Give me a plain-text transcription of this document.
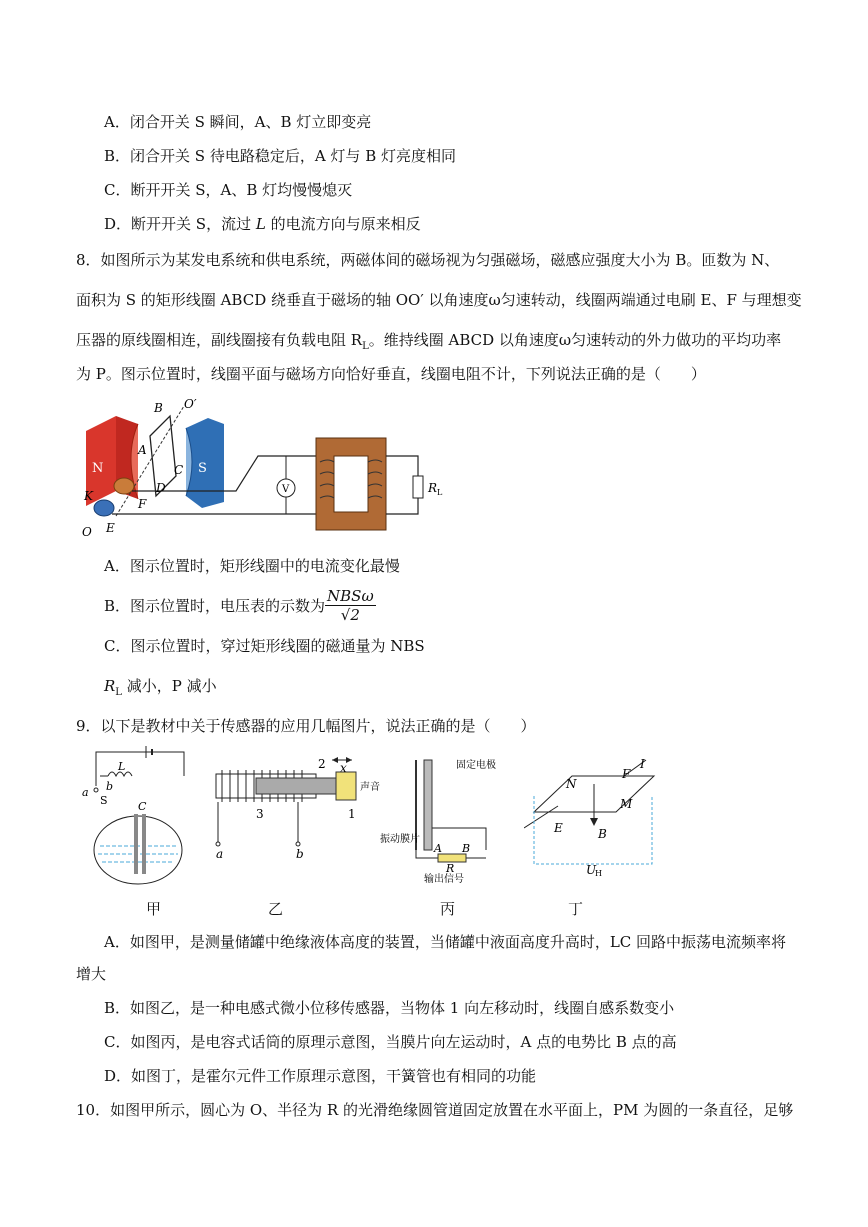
A．闭合开关 S 瞬间，A、B 灯立即变亮
B．闭合开关 S 待电路稳定后，A 灯与 B 灯亮度相同
C．断开开关 S，A、B 灯均慢慢熄灭
D．断开开关 S，流过 L 的电流方向与原来相反
8．如图所示为某发电系统和供电系统，两磁体间的磁场视为匀强磁场，磁感应强度大小为 B。匝数为 N、
面积为 S 的矩形线圈 ABCD 绕垂直于磁场的轴 OO′ 以角速度ω匀速转动，线圈两端通过电刷 E、F 与理想变
压器的原线圈相连，副线圈接有负载电阻 $R_L$。维持线圈 ABCD 以角速度ω匀速转动的外力做功的平均功率
为 P。图示位置时，线圈平面与磁场方向恰好垂直，线圈电阻不计，下列说法正确的是（　　）
N	S
A
B
C
D
O′
F
K
E
O
V	R L
A．图示位置时，矩形线圈中的电流变化最慢
B．图示位置时，电压表的示数为 $\frac{\text{NBSω}}{√2}$
C．图示位置时，穿过矩形线圈的磁通量为 NBS
$R_L$ 减小，P 减小
9．以下是教材中关于传感器的应用几幅图片，说法正确的是（　　）
a b
L
S	C
2 x
声音
1
3
a	b
固定电极
振动膜片
A B
R
输出信号
N
F
I
M
E	B
U
H
甲	乙	丙	丁
A．如图甲，是测量储罐中绝缘液体高度的装置，当储罐中液面高度升高时，LC 回路中振荡电流频率将
增大
B．如图乙，是一种电感式微小位移传感器，当物体 1 向左移动时，线圈自感系数变小
C．如图丙，是电容式话筒的原理示意图，当膜片向左运动时，A 点的电势比 B 点的高
D．如图丁，是霍尔元件工作原理示意图，干簧管也有相同的功能
10．如图甲所示，圆心为 O、半径为 R 的光滑绝缘圆管道固定放置在水平面上，PM 为圆的一条直径，足够
